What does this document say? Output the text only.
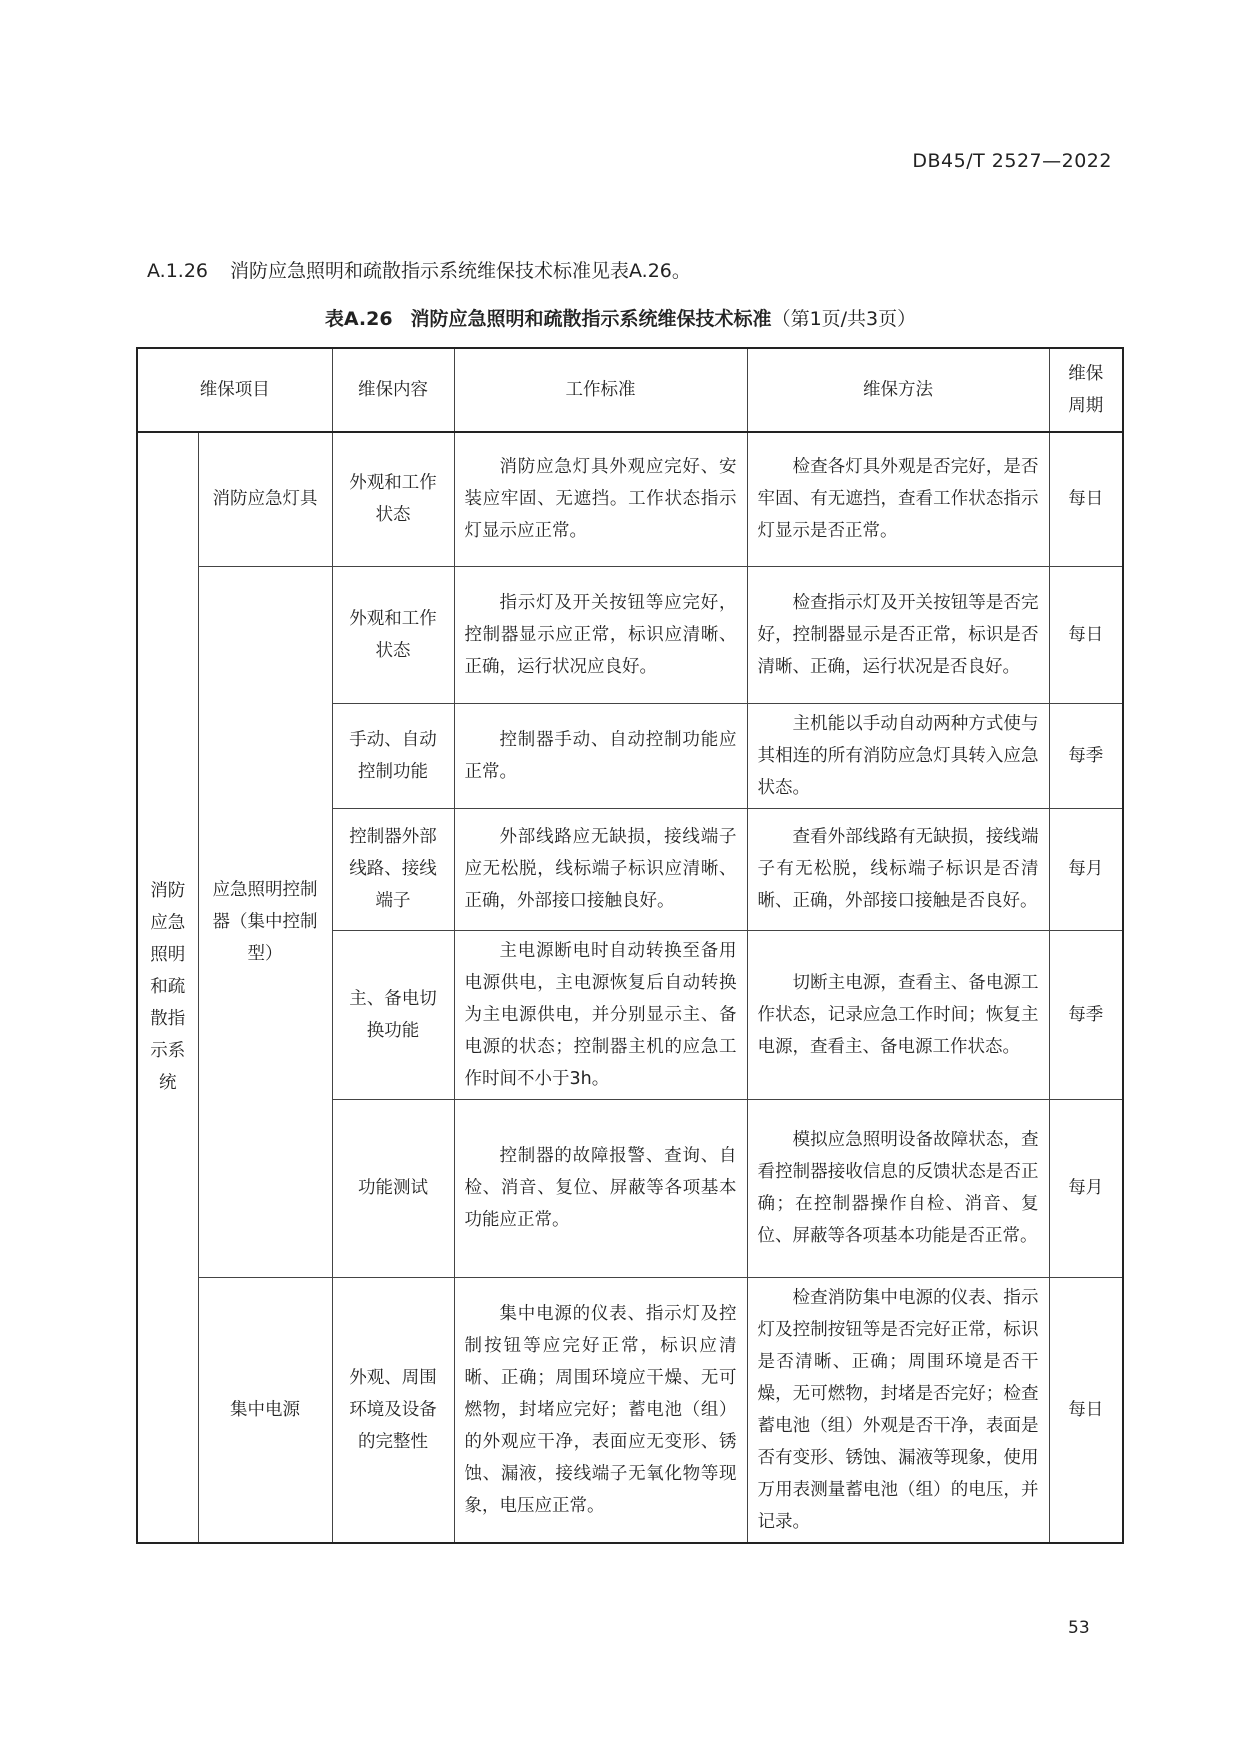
DB45/T 2527—2022
A.1.26 消防应急照明和疏散指示系统维保技术标准见表A.26。
表A.26 消防应急照明和疏散指示系统维保技术标准（第1页/共3页）
维保项目		维保内容	工作标准	维保方法	维保周期
消防应急照明和疏散指示系统	消防应急灯具	外观和工作状态	消防应急灯具外观应完好、安装应牢固、无遮挡。工作状态指示灯显示应正常。	检查各灯具外观是否完好，是否牢固、有无遮挡，查看工作状态指示灯显示是否正常。	每日
	应急照明控制器（集中控制型）	外观和工作状态	指示灯及开关按钮等应完好，控制器显示应正常，标识应清晰、正确，运行状况应良好。	检查指示灯及开关按钮等是否完好，控制器显示是否正常，标识是否清晰、正确，运行状况是否良好。	每日
		手动、自动控制功能	控制器手动、自动控制功能应正常。	主机能以手动自动两种方式使与其相连的所有消防应急灯具转入应急状态。	每季
		控制器外部线路、接线端子	外部线路应无缺损，接线端子应无松脱，线标端子标识应清晰、正确，外部接口接触良好。	查看外部线路有无缺损，接线端子有无松脱，线标端子标识是否清晰、正确，外部接口接触是否良好。	每月
		主、备电切换功能	主电源断电时自动转换至备用电源供电，主电源恢复后自动转换为主电源供电，并分别显示主、备电源的状态；控制器主机的应急工作时间不小于3h。	切断主电源，查看主、备电源工作状态，记录应急工作时间；恢复主电源，查看主、备电源工作状态。	每季
		功能测试	控制器的故障报警、查询、自检、消音、复位、屏蔽等各项基本功能应正常。	模拟应急照明设备故障状态，查看控制器接收信息的反馈状态是否正确；在控制器操作自检、消音、复位、屏蔽等各项基本功能是否正常。	每月
	集中电源	外观、周围环境及设备的完整性	集中电源的仪表、指示灯及控制按钮等应完好正常，标识应清晰、正确；周围环境应干燥、无可燃物，封堵应完好；蓄电池（组）的外观应干净，表面应无变形、锈蚀、漏液，接线端子无氧化物等现象，电压应正常。	检查消防集中电源的仪表、指示灯及控制按钮等是否完好正常，标识是否清晰、正确；周围环境是否干燥，无可燃物，封堵是否完好；检查蓄电池（组）外观是否干净，表面是否有变形、锈蚀、漏液等现象，使用万用表测量蓄电池（组）的电压，并记录。	每日
53
